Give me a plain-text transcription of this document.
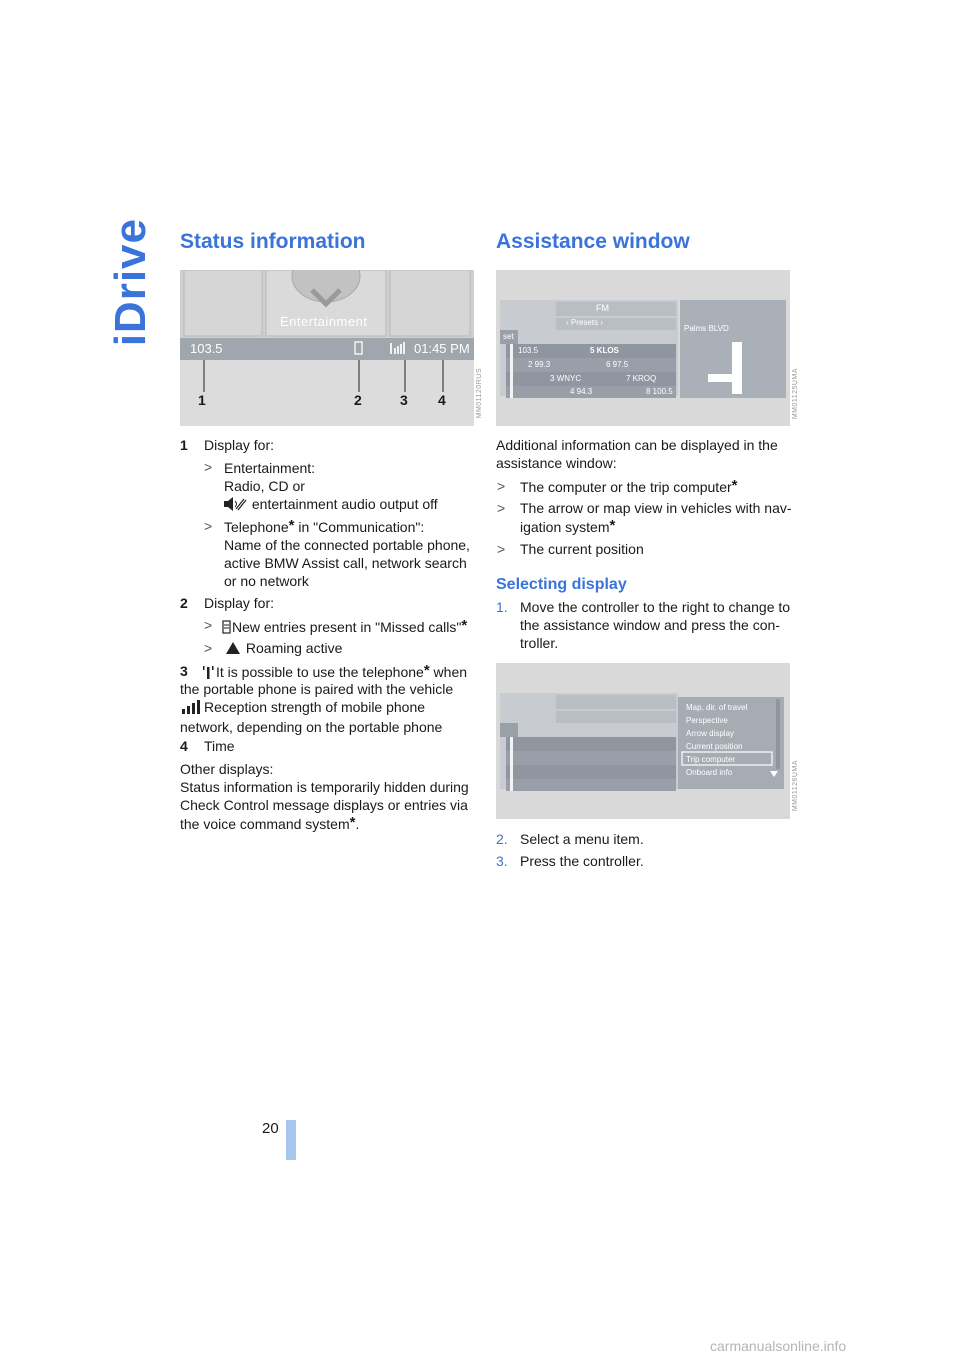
iDrive
20
carmanualsonline.info
Status information
Entertainment
103.5	01:45 PM
1	2	3 4	MM01120RUS
1 Display for:
> Entertainment:
Radio, CD or
entertainment audio output off
> Telephone* in "Communication":
Name of the connected portable phone,
active BMW Assist call, network search
or no network
2 Display for:
>	New entries present in "Missed calls"*
>	Roaming active
3	It is possible to use the telephone* when
the portable phone is paired with the vehicle
Reception strength of mobile phone
network, depending on the portable phone
4 Time
Other displays:
Status information is temporarily hidden during
Check Control message displays or entries via
the voice command system*.
Assistance window
FM
‹ Presets ›
set
103.5	5 KLOS
2 99.3	6 97.5
3 WNYC	7 KROQ
4 94.3	8 100.5
Palms BLVD
MM01125UMA
Additional information can be displayed in the
assistance window:
> The computer or the trip computer*
> The arrow or map view in vehicles with nav-
igation system*
> The current position
Selecting display
1. Move the controller to the right to change to
the assistance window and press the con-
troller.
Map, dir. of travel
Perspective
Arrow display
Current position
Trip computer
Onboard info	MM01126UMA
2. Select a menu item.
3. Press the controller.
